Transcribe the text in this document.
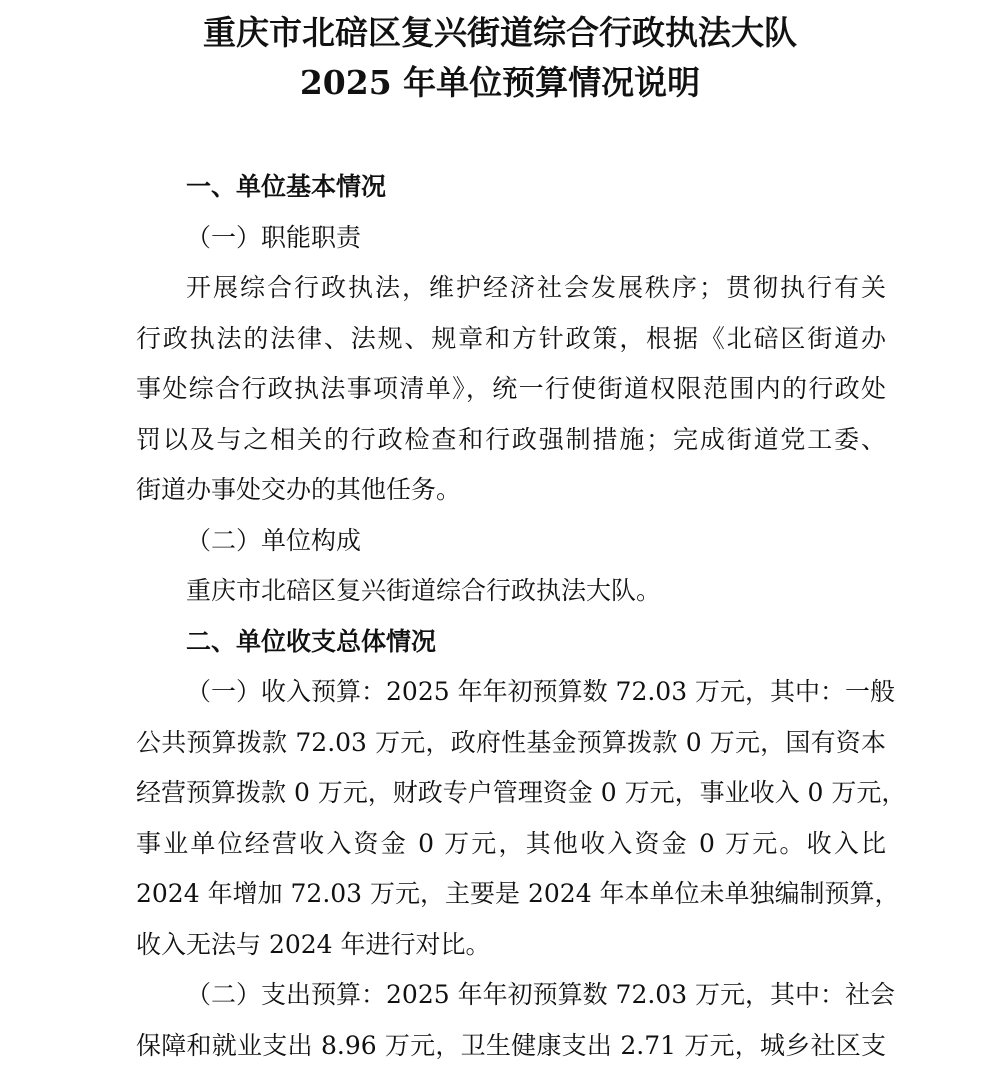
重庆市北碚区复兴街道综合行政执法大队
2025 年单位预算情况说明

一、单位基本情况

（一）职能职责

开展综合行政执法，维护经济社会发展秩序；贯彻执行有关

行政执法的法律、法规、规章和方针政策，根据《北碚区街道办

事处综合行政执法事项清单》，统一行使街道权限范围内的行政处

罚以及与之相关的行政检查和行政强制措施；完成街道党工委、

街道办事处交办的其他任务。

（二）单位构成

重庆市北碚区复兴街道综合行政执法大队。

二、单位收支总体情况

（一）收入预算：2025 年年初预算数 72.03 万元，其中：一般

公共预算拨款 72.03 万元，政府性基金预算拨款 0 万元，国有资本

经营预算拨款 0 万元，财政专户管理资金 0 万元，事业收入 0 万元，

事业单位经营收入资金 0 万元，其他收入资金 0 万元。收入比

2024 年增加 72.03 万元，主要是 2024 年本单位未单独编制预算，

收入无法与 2024 年进行对比。

（二）支出预算：2025 年年初预算数 72.03 万元，其中：社会

保障和就业支出 8.96 万元，卫生健康支出 2.71 万元，城乡社区支
